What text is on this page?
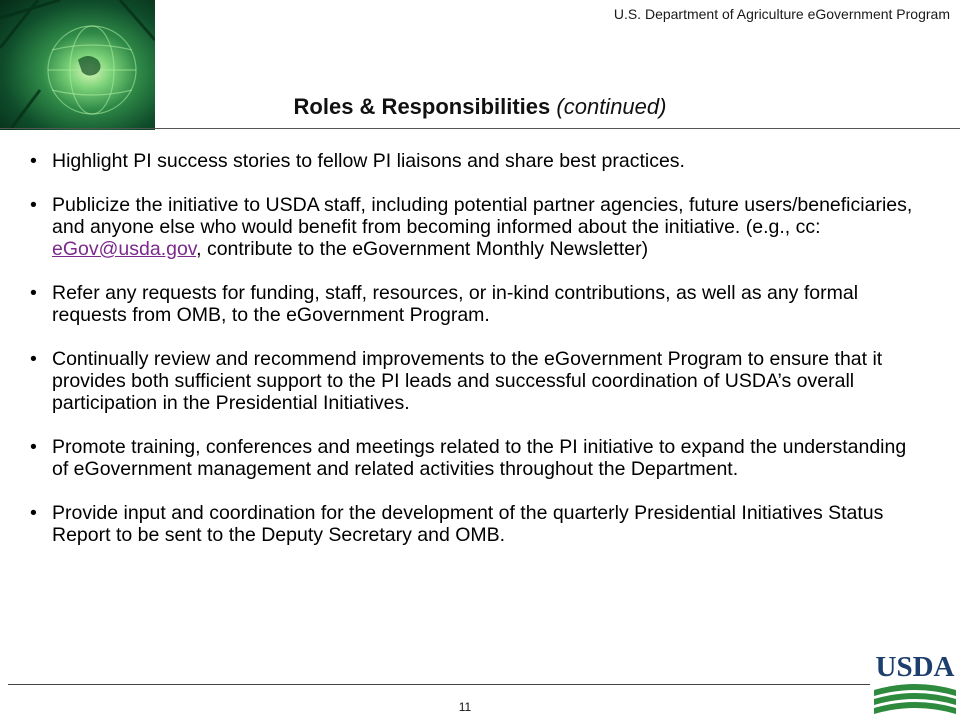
U.S. Department of Agriculture eGovernment Program
Roles & Responsibilities (continued)
• Highlight PI success stories to fellow PI liaisons and share best practices.
• Publicize the initiative to USDA staff, including potential partner agencies, future users/beneficiaries, and anyone else who would benefit from becoming informed about the initiative. (e.g., cc: eGov@usda.gov, contribute to the eGovernment Monthly Newsletter)
• Refer any requests for funding, staff, resources, or in-kind contributions, as well as any formal requests from OMB, to the eGovernment Program.
• Continually review and recommend improvements to the eGovernment Program to ensure that it provides both sufficient support to the PI leads and successful coordination of USDA’s overall participation in the Presidential Initiatives.
• Promote training, conferences and meetings related to the PI initiative to expand the understanding of eGovernment management and related activities throughout the Department.
• Provide input and coordination for the development of the quarterly Presidential Initiatives Status Report to be sent to the Deputy Secretary and OMB.
11
USDA
